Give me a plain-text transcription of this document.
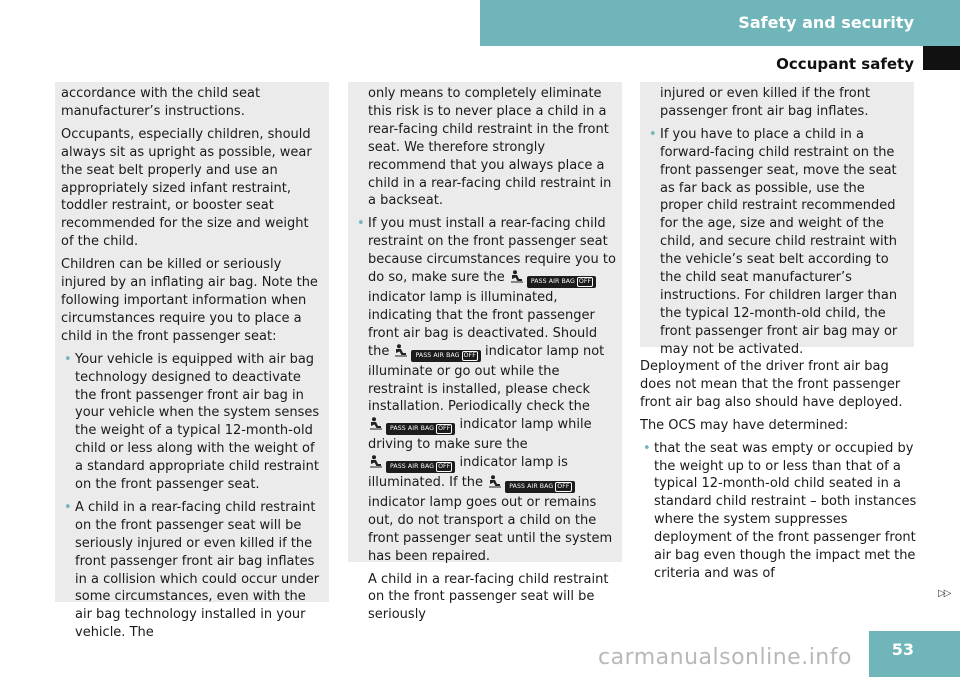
Safety and security
Occupant safety

accordance with the child seat manufacturer’s instructions.

Occupants, especially children, should always sit as upright as possible, wear the seat belt properly and use an appropriately sized infant restraint, toddler restraint, or booster seat recommended for the size and weight of the child.

Children can be killed or seriously injured by an inflating air bag. Note the following important information when circumstances require you to place a child in the front passenger seat:

• Your vehicle is equipped with air bag technology designed to deactivate the front passenger front air bag in your vehicle when the system senses the weight of a typical 12-month-old child or less along with the weight of a standard appropriate child restraint on the front passenger seat.
• A child in a rear-facing child restraint on the front passenger seat will be seriously injured or even killed if the front passenger front air bag inflates in a collision which could occur under some circumstances, even with the air bag technology installed in your vehicle. The

only means to completely eliminate this risk is to never place a child in a rear-facing child restraint in the front seat. We therefore strongly recommend that you always place a child in a rear-facing child restraint in a backseat.

• If you must install a rear-facing child restraint on the front passenger seat because circumstances require you to do so, make sure the	PASS AIR BAG OFF indicator lamp is illuminated, indicating that the front passenger front air bag is deactivated. Should the	PASS AIR BAG OFF indicator lamp not illuminate or go out while the restraint is installed, please check installation. Periodically check the
PASS AIR BAG OFF indicator lamp while driving to make sure the
PASS AIR BAG OFF indicator lamp is illuminated. If the	PASS AIR BAG OFF indicator lamp goes out or remains out, do not transport a child on the front passenger seat until the system has been repaired.

A child in a rear-facing child restraint on the front passenger seat will be seriously

injured or even killed if the front passenger front air bag inflates.

• If you have to place a child in a forward-facing child restraint on the front passenger seat, move the seat as far back as possible, use the proper child restraint recommended for the age, size and weight of the child, and secure child restraint with the vehicle’s seat belt according to the child seat manufacturer’s instructions. For children larger than the typical 12-month-old child, the front passenger front air bag may or may not be activated.

Deployment of the driver front air bag does not mean that the front passenger front air bag also should have deployed.

The OCS may have determined:

• that the seat was empty or occupied by the weight up to or less than that of a typical 12-month-old child seated in a standard child restraint – both instances where the system suppresses deployment of the front passenger front air bag even though the impact met the criteria and was of
▷▷
53
carmanualsonline.info
